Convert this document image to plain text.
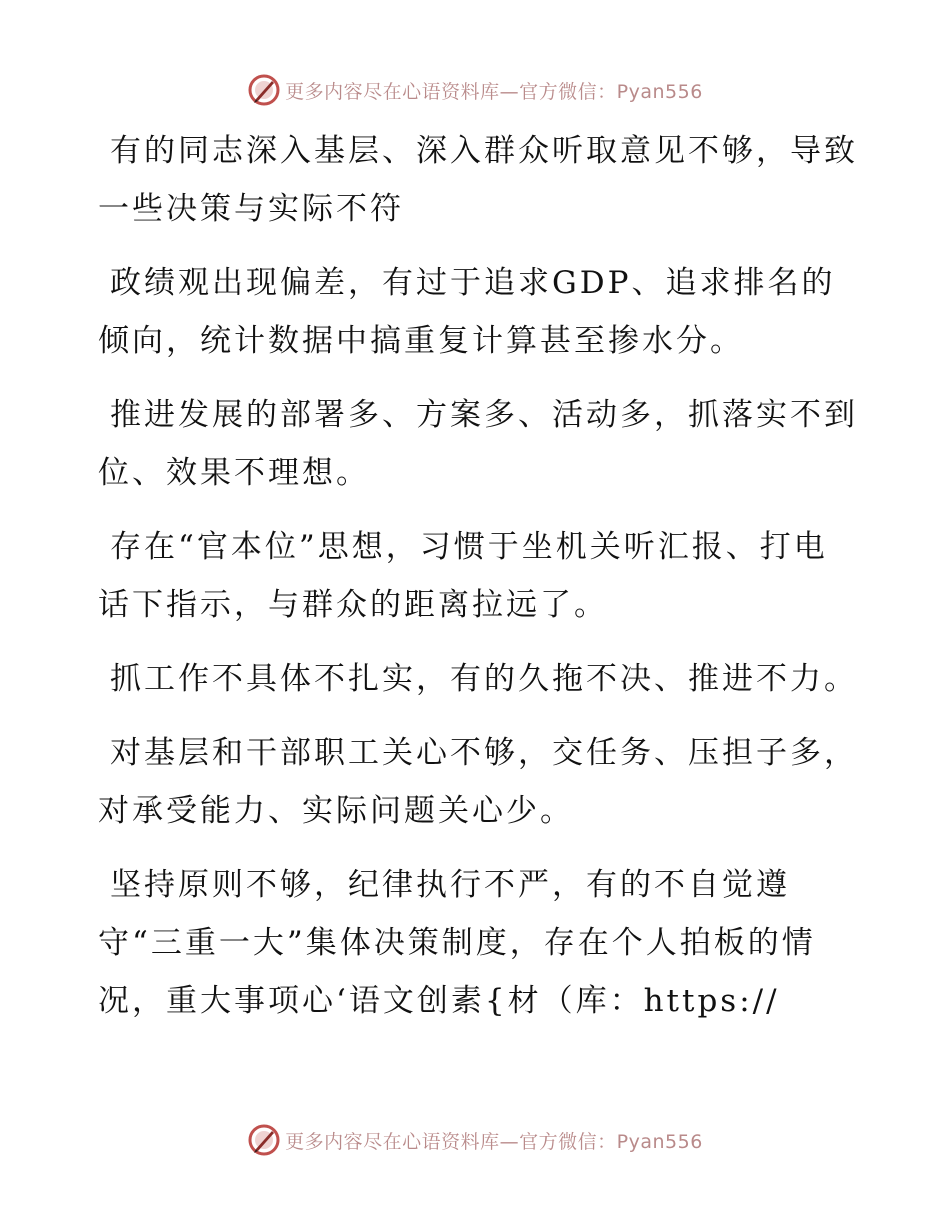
更多内容尽在心语资料库—官方微信：Pyan556

有的同志深入基层、深入群众听取意见不够，导致一些决策与实际不符

政绩观出现偏差，有过于追求GDP、追求排名的倾向，统计数据中搞重复计算甚至掺水分。

推进发展的部署多、方案多、活动多，抓落实不到位、效果不理想。

存在“官本位”思想，习惯于坐机关听汇报、打电话下指示，与群众的距离拉远了。

抓工作不具体不扎实，有的久拖不决、推进不力。

对基层和干部职工关心不够，交任务、压担子多，对承受能力、实际问题关心少。

坚持原则不够，纪律执行不严，有的不自觉遵守“三重一大”集体决策制度，存在个人拍板的情况，重大事项心‘语文创素{材（库：https://

更多内容尽在心语资料库—官方微信：Pyan556
